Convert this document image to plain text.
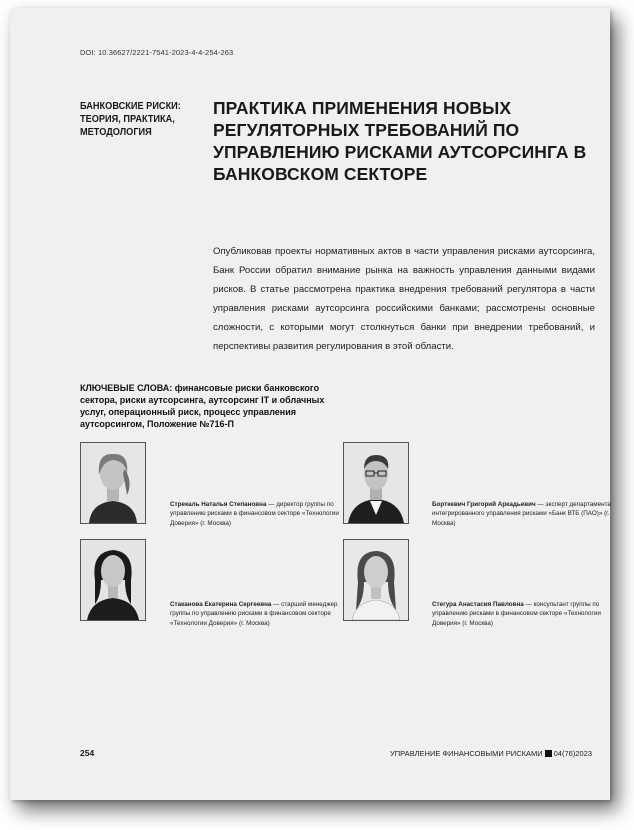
DOI: 10.36627/2221-7541-2023-4-4-254-263
БАНКОВСКИЕ РИСКИ: ТЕОРИЯ, ПРАКТИКА, МЕТОДОЛОГИЯ
ПРАКТИКА ПРИМЕНЕНИЯ НОВЫХ РЕГУЛЯТОРНЫХ ТРЕБОВАНИЙ ПО УПРАВЛЕНИЮ РИСКАМИ АУТСОРСИНГА В БАНКОВСКОМ СЕКТОРЕ
Опубликовав проекты нормативных актов в части управления рисками аутсорсинга, Банк России обратил внимание рынка на важность управления данными видами рисков. В статье рассмотрена практика внедрения требований регулятора в части управления рисками аутсорсинга российскими банками; рассмотрены основные сложности, с которыми могут столкнуться банки при внедрении требований, и перспективы развития регулирования в этой области.
КЛЮЧЕВЫЕ СЛОВА: финансовые риски банковского сектора, риски аутсорсинга, аутсорсинг IT и облачных услуг, операционный риск, процесс управления аутсорсингом, Положение №716-П
Стрекаль Наталья Степановна — директор группы по управлению рисками в финансовом секторе «Технологии Доверия» (г. Москва)
Борткевич Григорий Аркадьевич — эксперт департамента интегрированного управления рисками «Банк ВТБ (ПАО)» (г. Москва)
Стаканова Екатерина Сергеевна — старший менеджер группы по управлению рисками в финансовом секторе «Технологии Доверия» (г. Москва)
Стегура Анастасия Павловна — консультант группы по управлению рисками в финансовом секторе «Технологии Доверия» (г. Москва)
254	УПРАВЛЕНИЕ ФИНАНСОВЫМИ РИСКАМИ 04(76)2023
